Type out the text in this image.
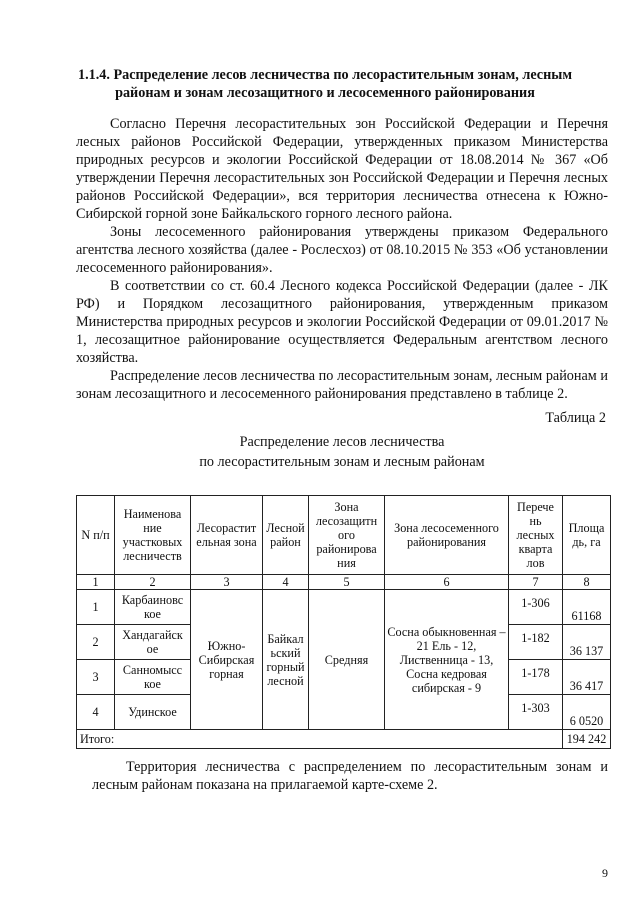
1.1.4. Распределение лесов лесничества по лесорастительным зонам, лесным
районам и зонам лесозащитного и лесосеменного районирования
Согласно Перечня лесорастительных зон Российской Федерации и Перечня лесных районов Российской Федерации, утвержденных приказом Министерства природных ресурсов и экологии Российской Федерации от 18.08.2014 № 367 «Об утверждении Перечня лесорастительных зон Российской Федерации и Перечня лесных районов Российской Федерации», вся территория лесничества отнесена к Южно-Сибирской горной зоне Байкальского горного лесного района.
Зоны лесосеменного районирования утверждены приказом Федерального агентства лесного хозяйства (далее - Рослесхоз) от 08.10.2015 № 353 «Об установлении лесосеменного районирования».
В соответствии со ст. 60.4 Лесного кодекса Российской Федерации (далее - ЛК РФ) и Порядком лесозащитного районирования, утвержденным приказом Министерства природных ресурсов и экологии Российской Федерации от 09.01.2017 № 1, лесозащитное районирование осуществляется Федеральным агентством лесного хозяйства.
Распределение лесов лесничества по лесорастительным зонам, лесным районам и зонам лесозащитного и лесосеменного районирования представлено в таблице 2.
Таблица 2
Распределение лесов лесничества
по лесорастительным зонам и лесным районам
N п/п	Наименова ние участковых лесничеств	Лесорастит ельная зона	Лесной район	Зона лесозащитн ого районирова ния	Зона лесосеменного районирования	Перече нь лесных кварта лов	Площа дь, га
1	2	3	4	5	6	7	8
1	Карбаиновс кое	Южно-Сибирская горная	Байкал ьский горный лесной	Средняя	Сосна обыкновенная – 21 Ель - 12, Лиственница - 13, Сосна кедровая сибирская - 9	1-306	61168
2	Хандагайск ое					1-182	36 137
3	Санномысс кое					1-178	36 417
4	Удинское					1-303	6 0520
Итого:							194 242
Территория лесничества с распределением по лесорастительным зонам и лесным районам показана на прилагаемой карте-схеме 2.
9
